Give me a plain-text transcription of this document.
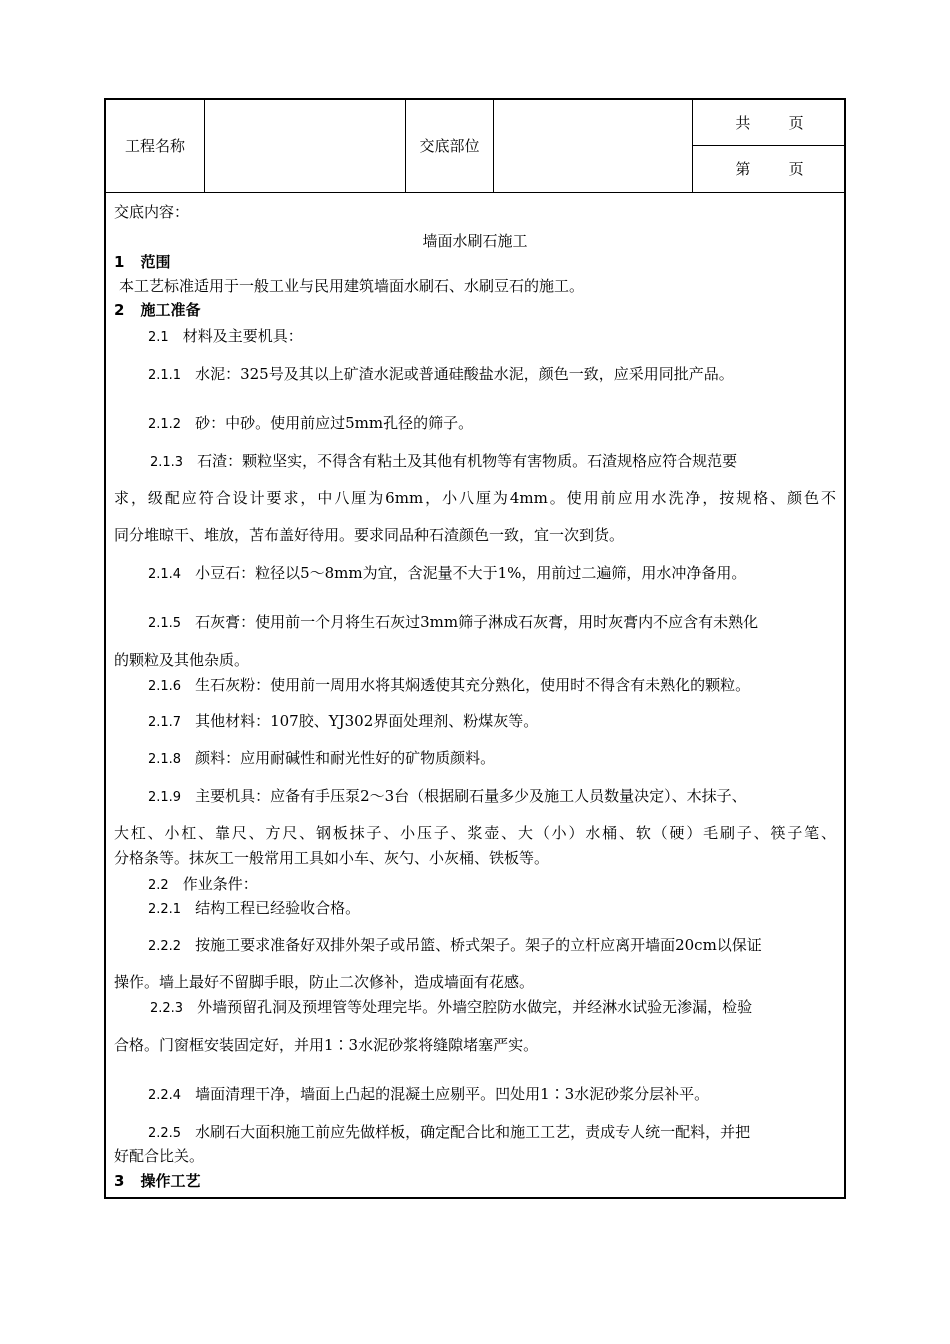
工程名称	交底部位
共        页
第        页
交底内容：
墙面水刷石施工
1 范围
本工艺标准适用于一般工业与民用建筑墙面水刷石、水刷豆石的施工。
2 施工准备
2.1 材料及主要机具：
2.1.1 水泥：325号及其以上矿渣水泥或普通硅酸盐水泥，颜色一致，应采用同批产品。
2.1.2 砂：中砂。使用前应过5mm孔径的筛子。
2.1.3 石渣：颗粒坚实，不得含有粘土及其他有机物等有害物质。石渣规格应符合规范要
求，级配应符合设计要求，中八厘为6mm，小八厘为4mm。使用前应用水洗净，按规格、颜色不
同分堆晾干、堆放，苫布盖好待用。要求同品种石渣颜色一致，宜一次到货。
2.1.4 小豆石：粒径以5～8mm为宜，含泥量不大于1%，用前过二遍筛，用水冲净备用。
2.1.5 石灰膏：使用前一个月将生石灰过3mm筛子淋成石灰膏，用时灰膏内不应含有未熟化
的颗粒及其他杂质。
2.1.6 生石灰粉：使用前一周用水将其焖透使其充分熟化，使用时不得含有未熟化的颗粒。
2.1.7 其他材料：107胶、YJ302界面处理剂、粉煤灰等。
2.1.8 颜料：应用耐碱性和耐光性好的矿物质颜料。
2.1.9 主要机具：应备有手压泵2～3台（根据刷石量多少及施工人员数量决定）、木抹子、
大杠、小杠、靠尺、方尺、钢板抹子、小压子、浆壶、大（小）水桶、软（硬）毛刷子、筷子笔、
分格条等。抹灰工一般常用工具如小车、灰勺、小灰桶、铁板等。
2.2 作业条件：
2.2.1 结构工程已经验收合格。
2.2.2 按施工要求准备好双排外架子或吊篮、桥式架子。架子的立杆应离开墙面20cm以保证
操作。墙上最好不留脚手眼，防止二次修补，造成墙面有花感。
2.2.3 外墙预留孔洞及预埋管等处理完毕。外墙空腔防水做完，并经淋水试验无渗漏，检验
合格。门窗框安装固定好，并用1∶3水泥砂浆将缝隙堵塞严实。
2.2.4 墙面清理干净，墙面上凸起的混凝土应剔平。凹处用1∶3水泥砂浆分层补平。
2.2.5 水刷石大面积施工前应先做样板，确定配合比和施工工艺，责成专人统一配料，并把
好配合比关。
3 操作工艺
